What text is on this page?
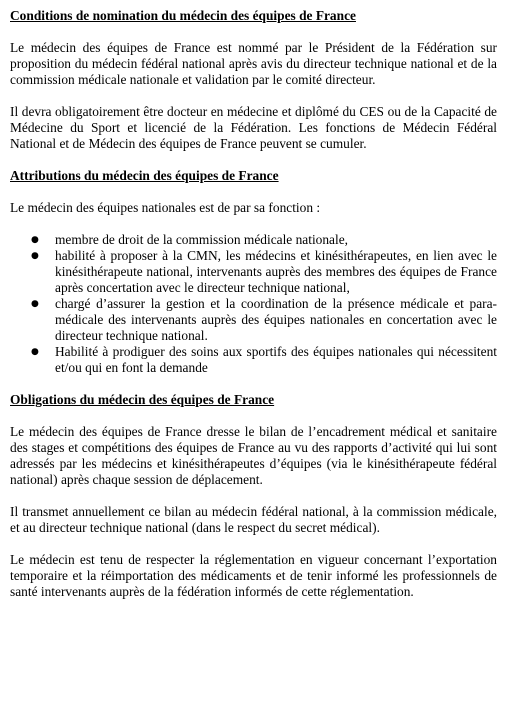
Conditions de nomination du médecin des équipes de France

Le médecin des équipes de France est nommé par le Président de la Fédération sur proposition du médecin fédéral national après avis du directeur technique national et de la commission médicale nationale et validation par le comité directeur.

Il devra obligatoirement être docteur en médecine et diplômé du CES ou de la Capacité de Médecine du Sport et licencié de la Fédération. Les fonctions de Médecin Fédéral National et de Médecin des équipes de France peuvent se cumuler.

Attributions du médecin des équipes de France

Le médecin des équipes nationales est de par sa fonction :

● membre de droit de la commission médicale nationale,
● habilité à proposer à la CMN, les médecins et kinésithérapeutes, en lien avec le kinésithérapeute national, intervenants auprès des membres des équipes de France après concertation avec le directeur technique national,
● chargé d’assurer la gestion et la coordination de la présence médicale et para-médicale des intervenants auprès des équipes nationales en concertation avec le directeur technique national.
● Habilité à prodiguer des soins aux sportifs des équipes nationales qui nécessitent et/ou qui en font la demande

Obligations du médecin des équipes de France

Le médecin des équipes de France dresse le bilan de l’encadrement médical et sanitaire des stages et compétitions des équipes de France au vu des rapports d’activité qui lui sont adressés par les médecins et kinésithérapeutes d’équipes (via le kinésithérapeute fédéral national) après chaque session de déplacement.

Il transmet annuellement ce bilan au médecin fédéral national, à la commission médicale, et au directeur technique national (dans le respect du secret médical).

Le médecin est tenu de respecter la réglementation en vigueur concernant l’exportation temporaire et la réimportation des médicaments et de tenir informé les professionnels de santé intervenants auprès de la fédération informés de cette réglementation.
